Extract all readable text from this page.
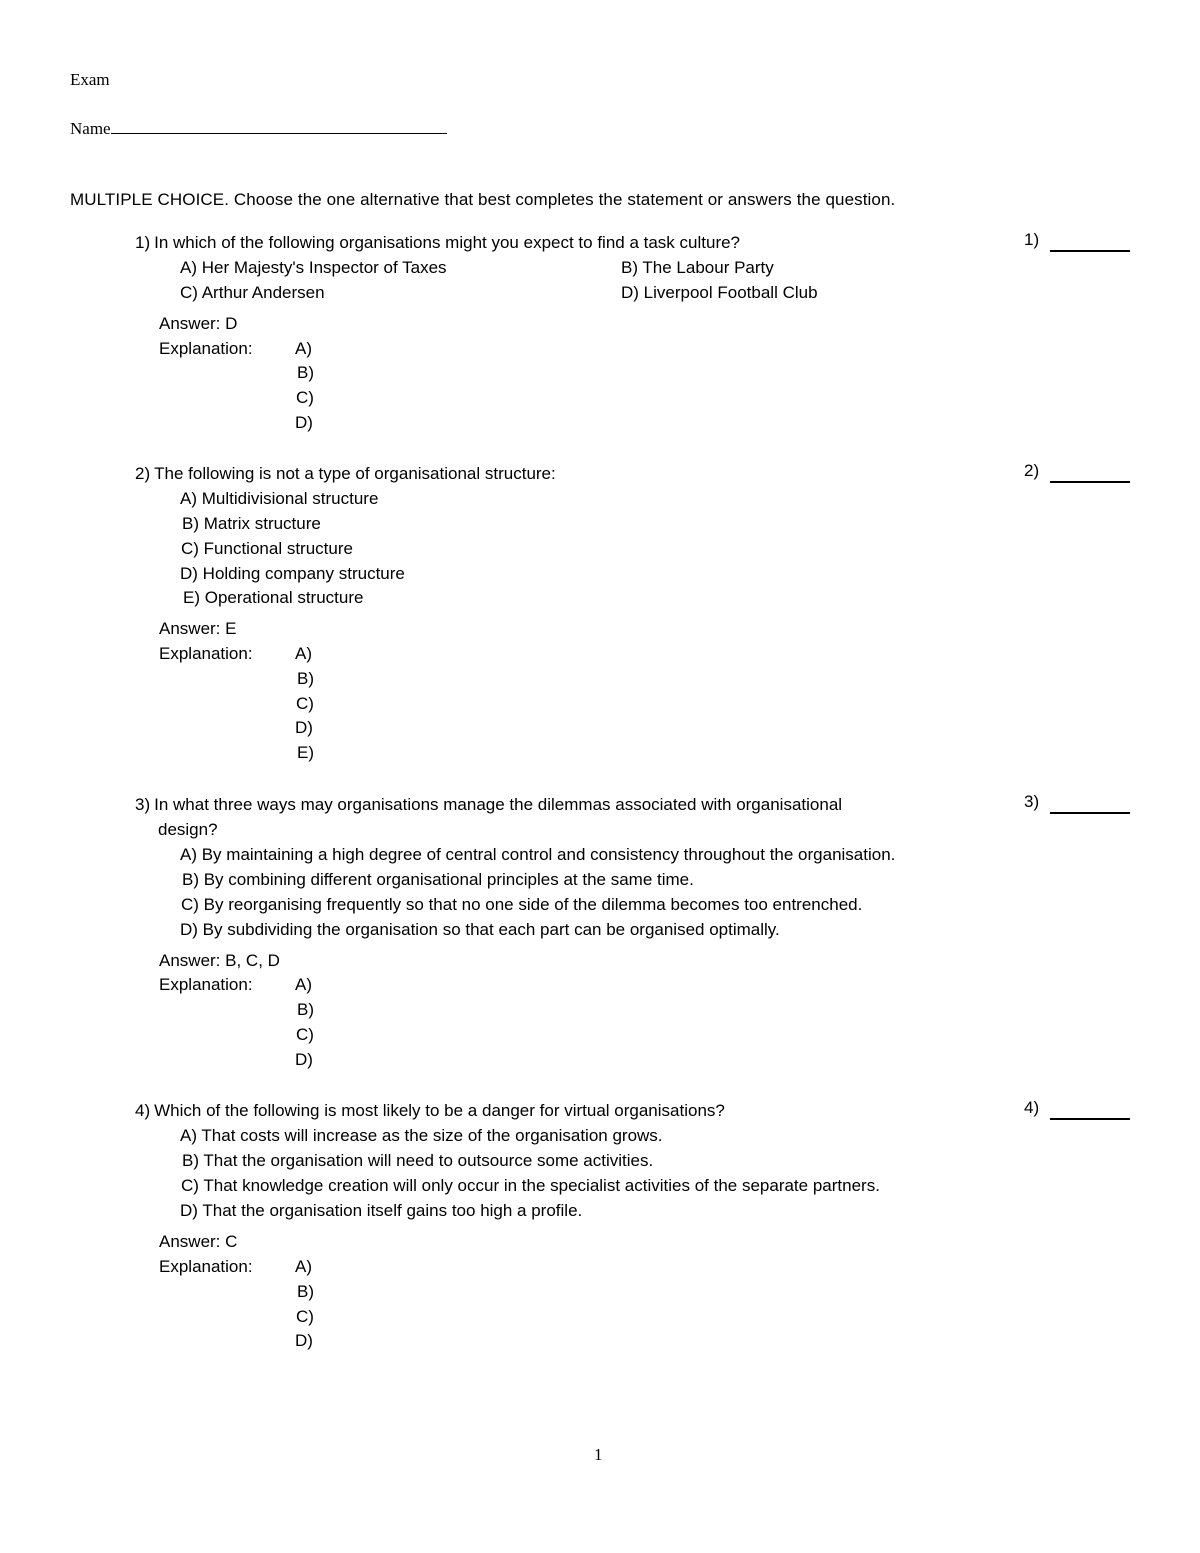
Exam
Name
MULTIPLE CHOICE. Choose the one alternative that best completes the statement or answers the question.
1) In which of the following organisations might you expect to find a task culture?	1)
A) Her Majesty's Inspector of Taxes	B) The Labour Party
C) Arthur Andersen	D) Liverpool Football Club
Answer: D
Explanation: A)
B)
C)
D)
2) The following is not a type of organisational structure:	2)
A) Multidivisional structure
B) Matrix structure
C) Functional structure
D) Holding company structure
E) Operational structure
Answer: E
Explanation: A)
B)
C)
D)
E)
3) In what three ways may organisations manage the dilemmas associated with organisational
design?
3)
A) By maintaining a high degree of central control and consistency throughout the organisation.
B) By combining different organisational principles at the same time.
C) By reorganising frequently so that no one side of the dilemma becomes too entrenched.
D) By subdividing the organisation so that each part can be organised optimally.
Answer: B, C, D
Explanation: A)
B)
C)
D)
4) Which of the following is most likely to be a danger for virtual organisations?	4)
A) That costs will increase as the size of the organisation grows.
B) That the organisation will need to outsource some activities.
C) That knowledge creation will only occur in the specialist activities of the separate partners.
D) That the organisation itself gains too high a profile.
Answer: C
Explanation: A)
B)
C)
D)
1
